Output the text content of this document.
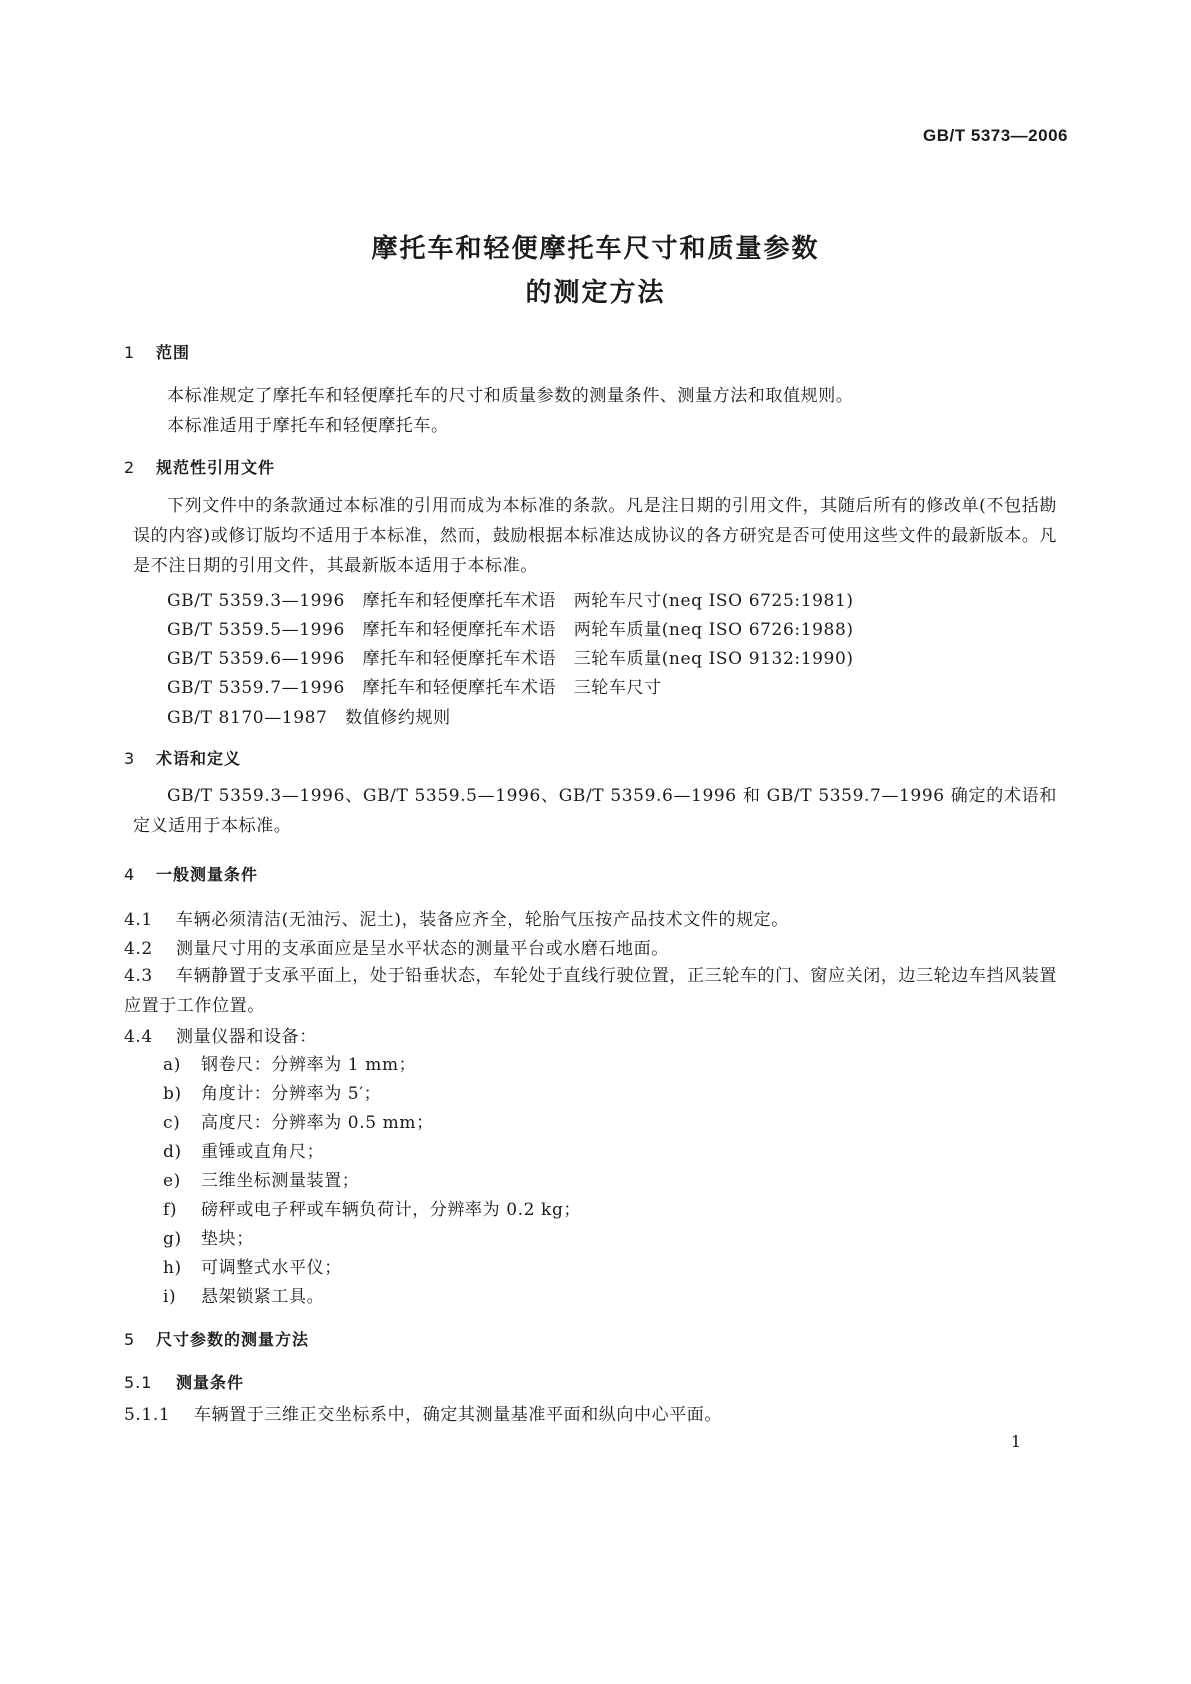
GB/T 5373—2006
摩托车和轻便摩托车尺寸和质量参数
的测定方法
1 范围
本标准规定了摩托车和轻便摩托车的尺寸和质量参数的测量条件、测量方法和取值规则。
本标准适用于摩托车和轻便摩托车。
2 规范性引用文件

下列文件中的条款通过本标准的引用而成为本标准的条款。凡是注日期的引用文件，其随后所有的修改单(不包括勘误的内容)或修订版均不适用于本标准，然而，鼓励根据本标准达成协议的各方研究是否可使用这些文件的最新版本。凡是不注日期的引用文件，其最新版本适用于本标准。

GB/T 5359.3—1996　摩托车和轻便摩托车术语　两轮车尺寸(neq ISO 6725:1981)
GB/T 5359.5—1996　摩托车和轻便摩托车术语　两轮车质量(neq ISO 6726:1988)
GB/T 5359.6—1996　摩托车和轻便摩托车术语　三轮车质量(neq ISO 9132:1990)
GB/T 5359.7—1996　摩托车和轻便摩托车术语　三轮车尺寸
GB/T 8170—1987　数值修约规则
3 术语和定义

GB/T 5359.3—1996、GB/T 5359.5—1996、GB/T 5359.6—1996 和 GB/T 5359.7—1996 确定的术语和定义适用于本标准。

4 一般测量条件
4.1 车辆必须清洁(无油污、泥土)，装备应齐全，轮胎气压按产品技术文件的规定。
4.2 测量尺寸用的支承面应是呈水平状态的测量平台或水磨石地面。
4.3 车辆静置于支承平面上，处于铅垂状态，车轮处于直线行驶位置，正三轮车的门、窗应关闭，边三轮边车挡风装置应置于工作位置。
4.4 测量仪器和设备：
a) 钢卷尺：分辨率为 1 mm；
b) 角度计：分辨率为 5′；
c) 高度尺：分辨率为 0.5 mm；
d) 重锤或直角尺；
e) 三维坐标测量装置；
f) 磅秤或电子秤或车辆负荷计，分辨率为 0.2 kg；
g) 垫块；
h) 可调整式水平仪；
i) 悬架锁紧工具。
5 尺寸参数的测量方法
5.1 测量条件
5.1.1 车辆置于三维正交坐标系中，确定其测量基准平面和纵向中心平面。
1
